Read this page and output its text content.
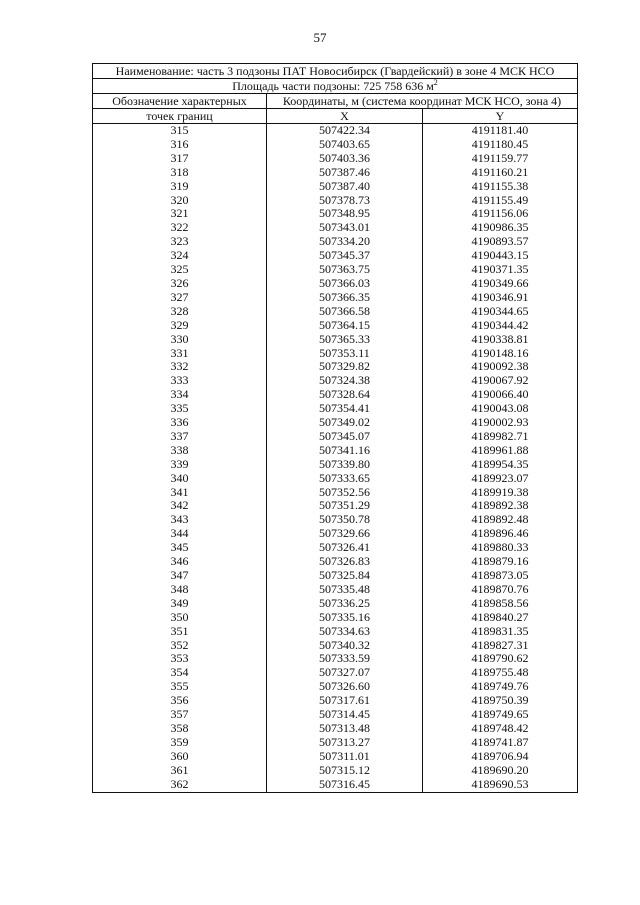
57
Наименование: часть 3 подзоны ПАТ Новосибирск (Гвардейский) в зоне 4 МСК НСО		
Площадь части подзоны: 725 758 636 $м^2$
Обозначение характерных	Координаты, м (система координат МСК НСО, зона 4)	
точек границ	X	Y
315	507422.34	4191181.40
316	507403.65	4191180.45
317	507403.36	4191159.77
318	507387.46	4191160.21
319	507387.40	4191155.38
320	507378.73	4191155.49
321	507348.95	4191156.06
322	507343.01	4190986.35
323	507334.20	4190893.57
324	507345.37	4190443.15
325	507363.75	4190371.35
326	507366.03	4190349.66
327	507366.35	4190346.91
328	507366.58	4190344.65
329	507364.15	4190344.42
330	507365.33	4190338.81
331	507353.11	4190148.16
332	507329.82	4190092.38
333	507324.38	4190067.92
334	507328.64	4190066.40
335	507354.41	4190043.08
336	507349.02	4190002.93
337	507345.07	4189982.71
338	507341.16	4189961.88
339	507339.80	4189954.35
340	507333.65	4189923.07
341	507352.56	4189919.38
342	507351.29	4189892.38
343	507350.78	4189892.48
344	507329.66	4189896.46
345	507326.41	4189880.33
346	507326.83	4189879.16
347	507325.84	4189873.05
348	507335.48	4189870.76
349	507336.25	4189858.56
350	507335.16	4189840.27
351	507334.63	4189831.35
352	507340.32	4189827.31
353	507333.59	4189790.62
354	507327.07	4189755.48
355	507326.60	4189749.76
356	507317.61	4189750.39
357	507314.45	4189749.65
358	507313.48	4189748.42
359	507313.27	4189741.87
360	507311.01	4189706.94
361	507315.12	4189690.20
362	507316.45	4189690.53
